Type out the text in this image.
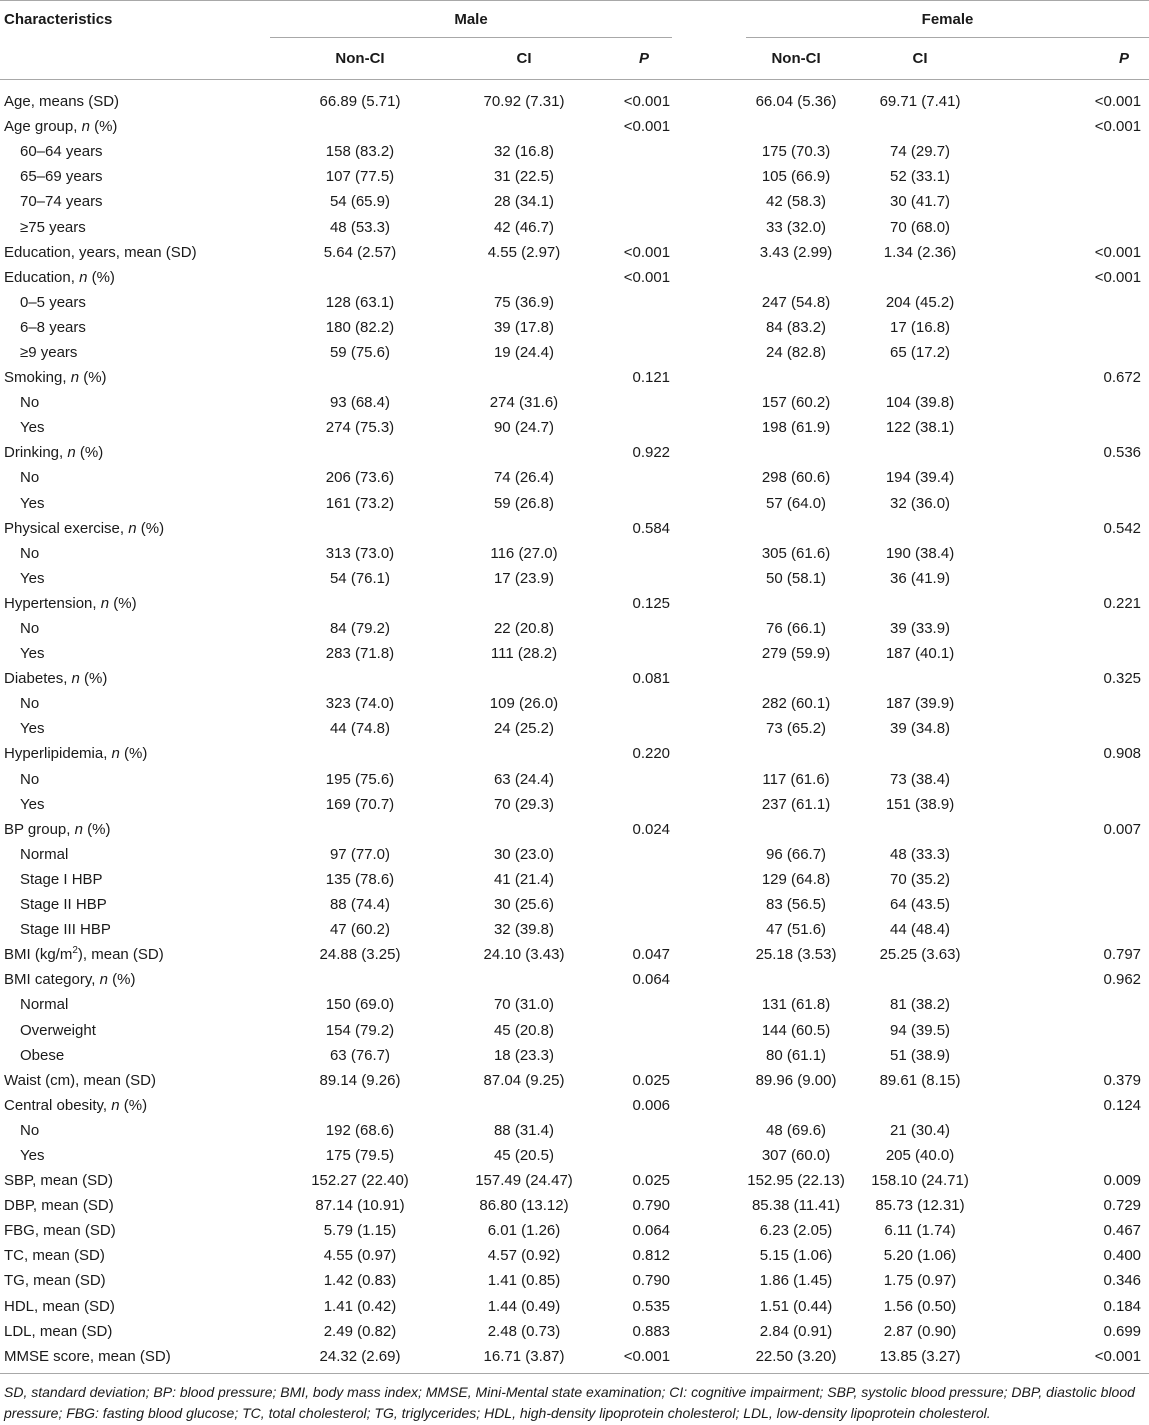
Characteristics	Male				Female		
	Non-CI	CI	P		Non-CI	CI	P

Age, means (SD)	66.89 (5.71)	70.92 (7.31)	<0.001		66.04 (5.36)	69.71 (7.41)	<0.001
Age group, n (%)			<0.001				<0.001
60–64 years	158 (83.2)	32 (16.8)			175 (70.3)	74 (29.7)	
65–69 years	107 (77.5)	31 (22.5)			105 (66.9)	52 (33.1)	
70–74 years	54 (65.9)	28 (34.1)			42 (58.3)	30 (41.7)	
≥75 years	48 (53.3)	42 (46.7)			33 (32.0)	70 (68.0)	
Education, years, mean (SD)	5.64 (2.57)	4.55 (2.97)	<0.001		3.43 (2.99)	1.34 (2.36)	<0.001
Education, n (%)			<0.001				<0.001
0–5 years	128 (63.1)	75 (36.9)			247 (54.8)	204 (45.2)	
6–8 years	180 (82.2)	39 (17.8)			84 (83.2)	17 (16.8)	
≥9 years	59 (75.6)	19 (24.4)			24 (82.8)	65 (17.2)	
Smoking, n (%)			0.121				0.672
No	93 (68.4)	274 (31.6)			157 (60.2)	104 (39.8)	
Yes	274 (75.3)	90 (24.7)			198 (61.9)	122 (38.1)	
Drinking, n (%)			0.922				0.536
No	206 (73.6)	74 (26.4)			298 (60.6)	194 (39.4)	
Yes	161 (73.2)	59 (26.8)			57 (64.0)	32 (36.0)	
Physical exercise, n (%)			0.584				0.542
No	313 (73.0)	116 (27.0)			305 (61.6)	190 (38.4)	
Yes	54 (76.1)	17 (23.9)			50 (58.1)	36 (41.9)	
Hypertension, n (%)			0.125				0.221
No	84 (79.2)	22 (20.8)			76 (66.1)	39 (33.9)	
Yes	283 (71.8)	111 (28.2)			279 (59.9)	187 (40.1)	
Diabetes, n (%)			0.081				0.325
No	323 (74.0)	109 (26.0)			282 (60.1)	187 (39.9)	
Yes	44 (74.8)	24 (25.2)			73 (65.2)	39 (34.8)	
Hyperlipidemia, n (%)			0.220				0.908
No	195 (75.6)	63 (24.4)			117 (61.6)	73 (38.4)	
Yes	169 (70.7)	70 (29.3)			237 (61.1)	151 (38.9)	
BP group, n (%)			0.024				0.007
Normal	97 (77.0)	30 (23.0)			96 (66.7)	48 (33.3)	
Stage I HBP	135 (78.6)	41 (21.4)			129 (64.8)	70 (35.2)	
Stage II HBP	88 (74.4)	30 (25.6)			83 (56.5)	64 (43.5)	
Stage III HBP	47 (60.2)	32 (39.8)			47 (51.6)	44 (48.4)	
BMI $(kg/m^2)$, mean (SD)	24.88 (3.25)	24.10 (3.43)	0.047		25.18 (3.53)	25.25 (3.63)	0.797
BMI category, n (%)			0.064				0.962
Normal	150 (69.0)	70 (31.0)			131 (61.8)	81 (38.2)	
Overweight	154 (79.2)	45 (20.8)			144 (60.5)	94 (39.5)	
Obese	63 (76.7)	18 (23.3)			80 (61.1)	51 (38.9)	
Waist (cm), mean (SD)	89.14 (9.26)	87.04 (9.25)	0.025		89.96 (9.00)	89.61 (8.15)	0.379
Central obesity, n (%)			0.006				0.124
No	192 (68.6)	88 (31.4)			48 (69.6)	21 (30.4)	
Yes	175 (79.5)	45 (20.5)			307 (60.0)	205 (40.0)	
SBP, mean (SD)	152.27 (22.40)	157.49 (24.47)	0.025		152.95 (22.13)	158.10 (24.71)	0.009
DBP, mean (SD)	87.14 (10.91)	86.80 (13.12)	0.790		85.38 (11.41)	85.73 (12.31)	0.729
FBG, mean (SD)	5.79 (1.15)	6.01 (1.26)	0.064		6.23 (2.05)	6.11 (1.74)	0.467
TC, mean (SD)	4.55 (0.97)	4.57 (0.92)	0.812		5.15 (1.06)	5.20 (1.06)	0.400
TG, mean (SD)	1.42 (0.83)	1.41 (0.85)	0.790		1.86 (1.45)	1.75 (0.97)	0.346
HDL, mean (SD)	1.41 (0.42)	1.44 (0.49)	0.535		1.51 (0.44)	1.56 (0.50)	0.184
LDL, mean (SD)	2.49 (0.82)	2.48 (0.73)	0.883		2.84 (0.91)	2.87 (0.90)	0.699
MMSE score, mean (SD)	24.32 (2.69)	16.71 (3.87)	<0.001		22.50 (3.20)	13.85 (3.27)	<0.001
SD, standard deviation; BP: blood pressure; BMI, body mass index; MMSE, Mini-Mental state examination; CI: cognitive impairment; SBP, systolic blood pressure; DBP, diastolic blood pressure; FBG: fasting blood glucose; TC, total cholesterol; TG, triglycerides; HDL, high-density lipoprotein cholesterol; LDL, low-density lipoprotein cholesterol.
